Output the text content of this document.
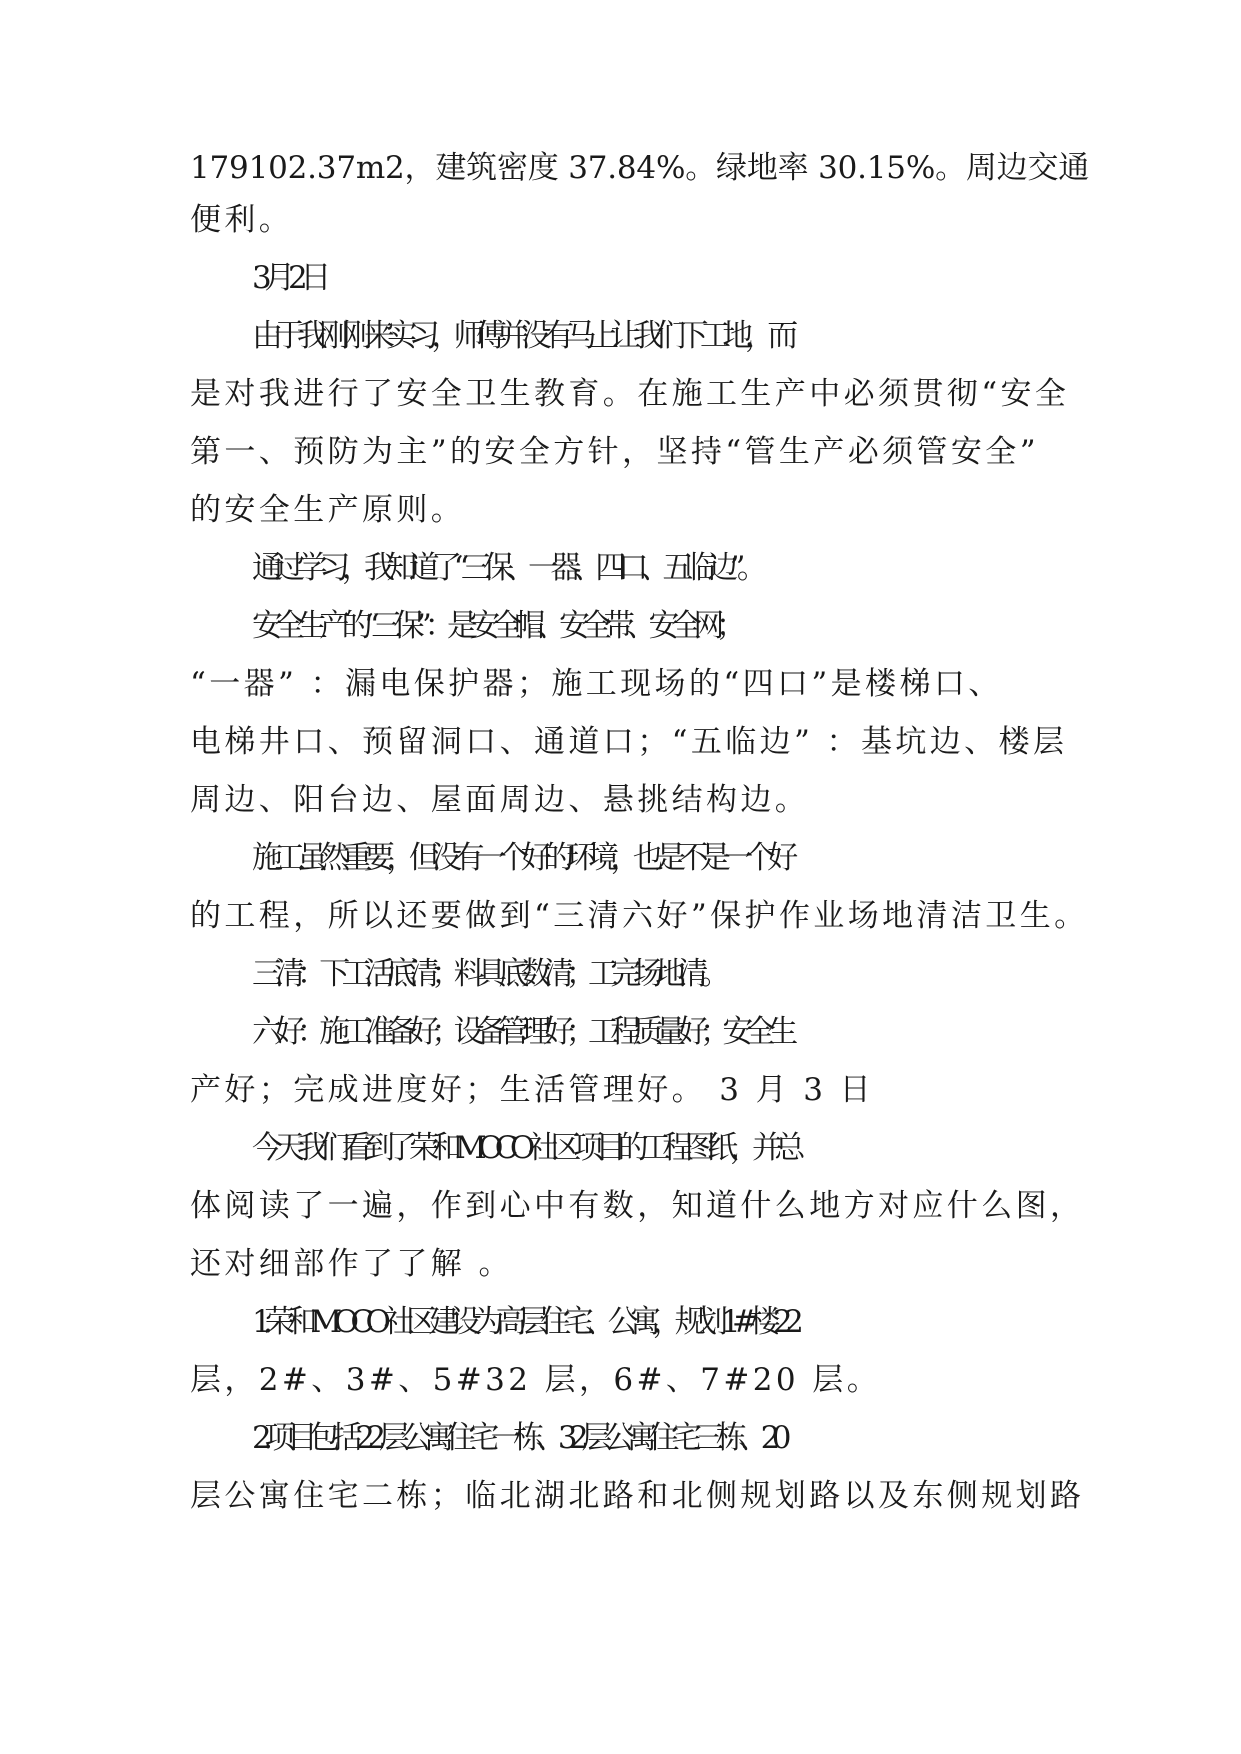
179102.37m2，建筑密度 37.84%。绿地率 30.15%。周边交通
便利。
3 月 2 日
由于我刚刚来实习，师傅并没有马上让我们下工地，而
是对我进行了安全卫生教育。在施工生产中必须贯彻“安全
第一、预防为主”的安全方针，坚持“管生产必须管安全”
的安全生产原则。
通过学习，我知道了“三保、一器、四口、五临边”。
安全生产的“三保” ：是安全帽、安全带、安全网；
“一器” ：漏电保护器；施工现场的“四口”是楼梯口、
电梯井口、预留洞口、通道口；“五临边” ：基坑边、楼层
周边、阳台边、屋面周边、悬挑结构边。
施工虽然重要，但没有一个好的环境，也是不是一个好
的工程，所以还要做到“三清六好”保护作业场地清洁卫生。
三清：下工活底清；料具底数清；工完场地清。
六好：施工准备好；设备管理好；工程质量好；安全生
产好；完成进度好；生活管理好。 3 月 3 日
今天我们看到了荣和 MOCO 社区项目的工程图纸，并总
体阅读了一遍，作到心中有数，知道什么地方对应什么图，
还对细部作了了解 。
1.荣和 MOCO 社区建设为高层住宅、公寓，规划 1#楼 22
层，2#、3#、5#32 层，6#、7#20 层。
2.项目包括 22 层公寓住宅一栋、32 层公寓住宅三栋、20
层公寓住宅二栋；临北湖北路和北侧规划路以及东侧规划路
